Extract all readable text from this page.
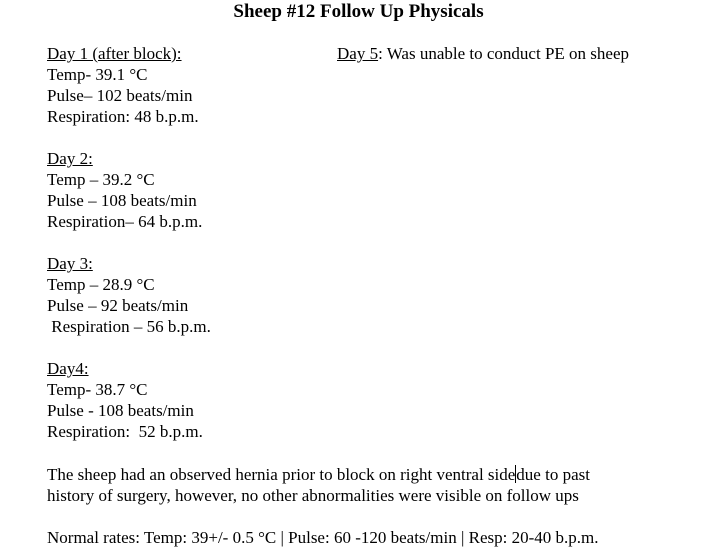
Sheep #12 Follow Up Physicals
Day 1 (after block):
Temp- 39.1 °C
Pulse– 102 beats/min
Respiration: 48 b.p.m.
Day 2:
Temp – 39.2 °C
Pulse – 108 beats/min
Respiration– 64 b.p.m.
Day 3:
Temp – 28.9 °C
Pulse – 92 beats/min
Respiration – 56 b.p.m.
Day4:
Temp- 38.7 °C
Pulse - 108 beats/min
Respiration:  52 b.p.m.
Day 5: Was unable to conduct PE on sheep
The sheep had an observed hernia prior to block on right ventral sidedue to past
history of surgery, however, no other abnormalities were visible on follow ups
Normal rates: Temp: 39+/- 0.5 °C | Pulse: 60 -120 beats/min | Resp: 20-40 b.p.m.
